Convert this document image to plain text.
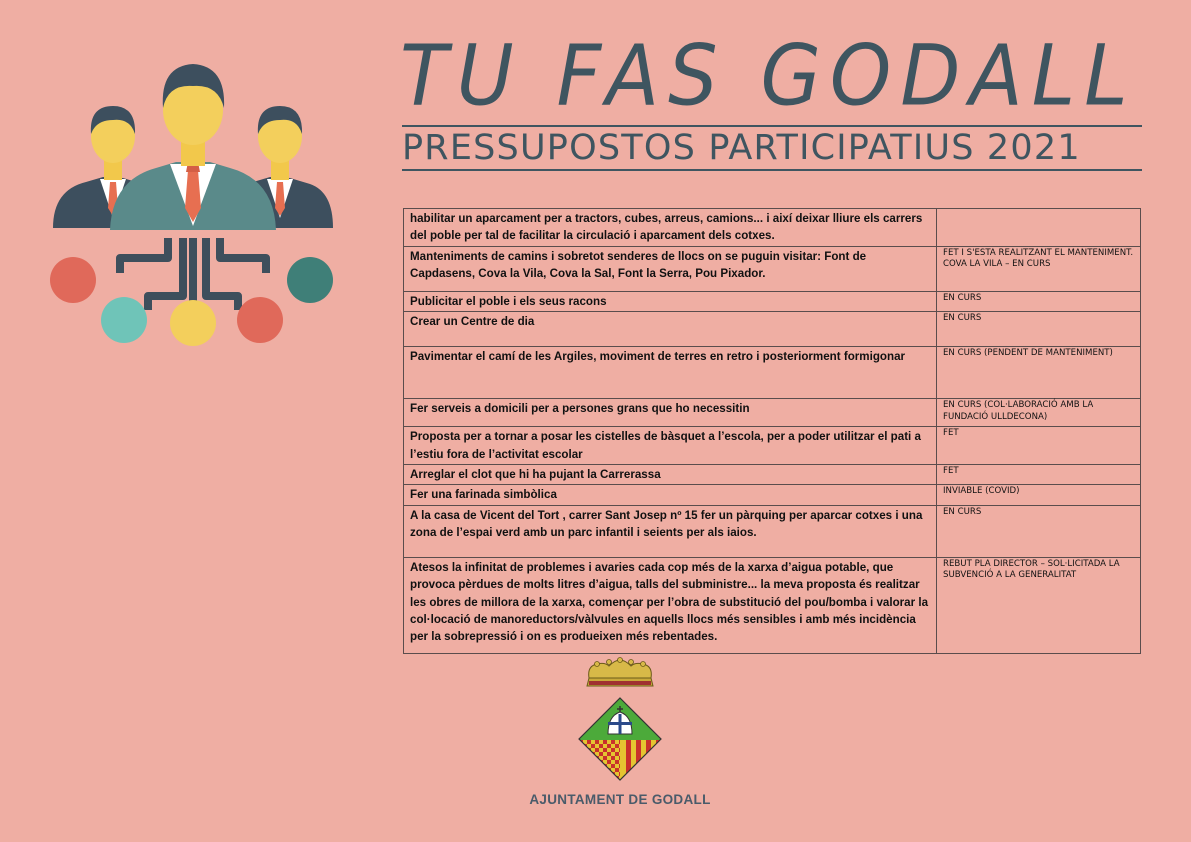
TU FAS GODALL
PRESSUPOSTOS PARTICIPATIUS 2021
habilitar un aparcament per a tractors, cubes, arreus, camions... i així deixar lliure els carrers del poble per tal de facilitar la circulació i aparcament dels cotxes.	
Manteniments de camins i sobretot senderes de llocs on se puguin visitar: Font de Capdasens, Cova la Vila, Cova la Sal, Font la Serra, Pou Pixador.	FET I S'ESTA REALITZANT EL MANTENIMENT.
COVA LA VILA – EN CURS

Publicitar el poble i els seus racons	EN CURS
Crear un Centre de dia	EN CURS
Pavimentar el camí de les Argiles, moviment de terres en retro i posteriorment formigonar	EN CURS (PENDENT DE MANTENIMENT)
Fer serveis a domicili per a persones grans que ho necessitin	EN CURS (COL·LABORACIÓ AMB LA FUNDACIÓ ULLDECONA)
Proposta per a tornar a posar les cistelles de bàsquet a l’escola, per a poder utilitzar el pati a l’estiu fora de l’activitat escolar	FET
Arreglar el clot que hi ha pujant la Carrerassa	FET
Fer una farinada simbòlica	INVIABLE (COVID)
A la casa de Vicent del Tort , carrer Sant Josep nº 15 fer un pàrquing per aparcar cotxes i una zona de l’espai verd amb un parc infantil i seients per als iaios.	EN CURS
Atesos la infinitat de problemes i avaries cada cop més de la xarxa d’aigua potable, que provoca pèrdues de molts litres d’aigua, talls del subministre... la meva proposta és realitzar les obres de millora de la xarxa, començar per l’obra de substitució del pou/bomba i valorar la col·locació de manoreductors/vàlvules en aquells llocs més sensibles i amb més incidència per la sobrepressió i on es produeixen més rebentades.	REBUT PLA DIRECTOR – SOL·LICITADA LA SUBVENCIÓ A LA GENERALITAT
AJUNTAMENT DE GODALL
